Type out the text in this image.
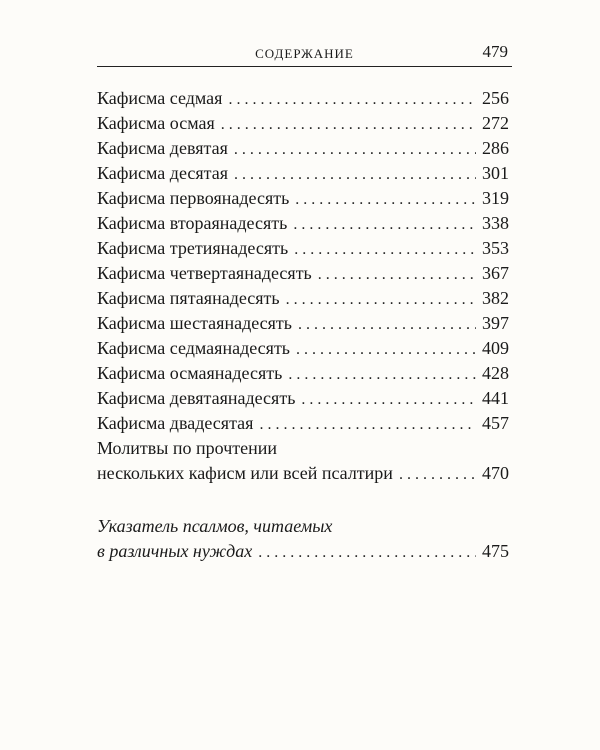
СОДЕРЖАНИЕ	479
Кафисма седмая . . .	256
Кафисма осмая . . .	272
Кафисма девятая . . .	286
Кафисма десятая . . .	301
Кафисма первоянадесять . . .	319
Кафисма втораянадесять . . .	338
Кафисма третиянадесять . . .	353
Кафисма четвертаянадесять . . .	367
Кафисма пятаянадесять . . .	382
Кафисма шестаянадесять . . .	397
Кафисма седмаянадесять . . .	409
Кафисма осмаянадесять . . .	428
Кафисма девятаянадесять . . .	441
Кафисма двадесятая . . .	457
Молитвы по прочтении
нескольких кафисм или всей псалтири . . .	470
Указатель псалмов, читаемых
в различных нуждах . . .	475
